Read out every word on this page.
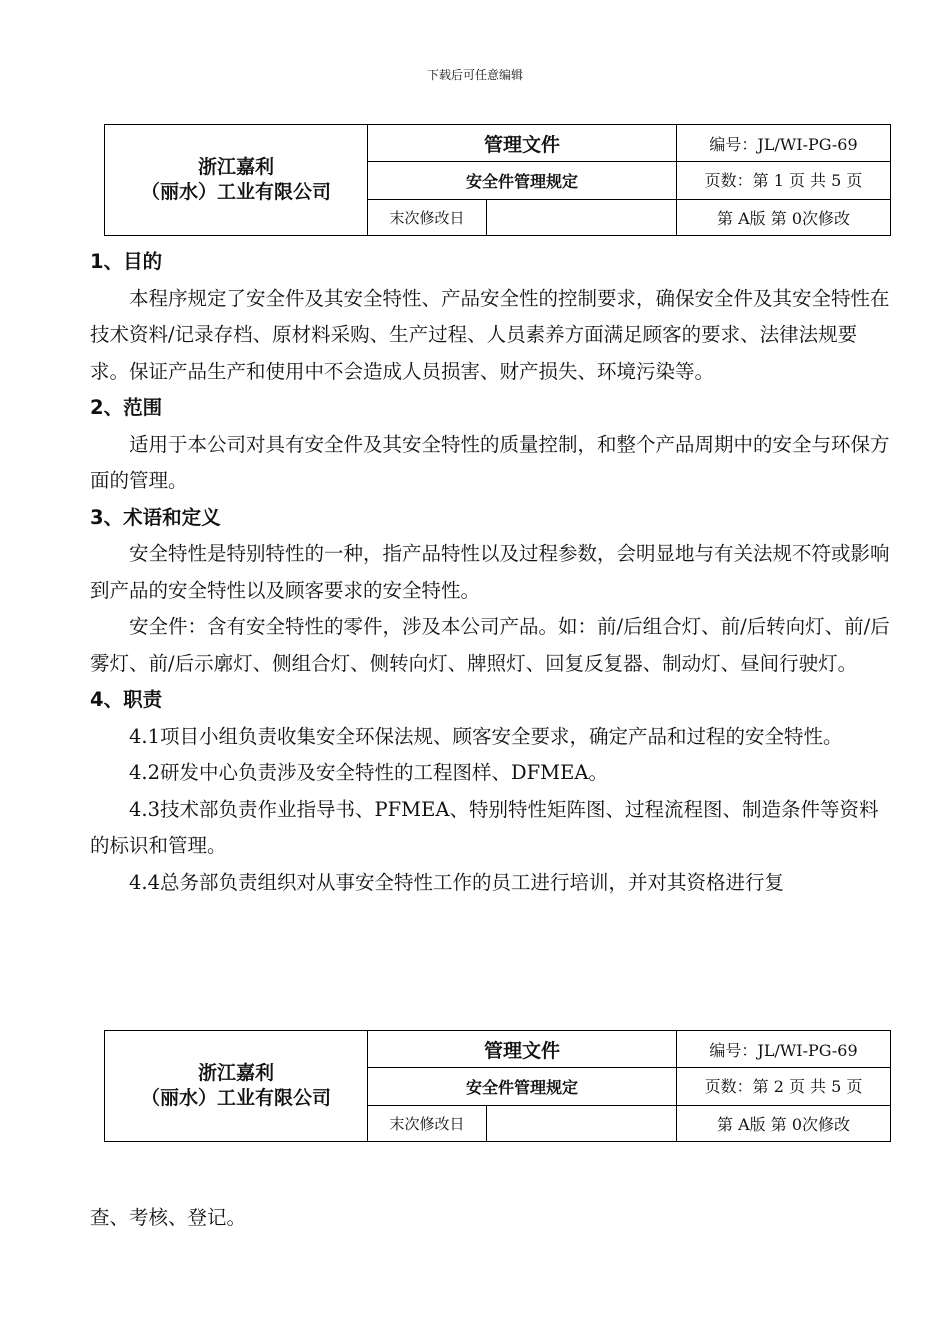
下载后可任意编辑
浙江嘉利
（丽水）工业有限公司	管理文件		编号：JL/WI-PG-69
	安全件管理规定		页数：第 1 页 共 5 页
	末次修改日		第 A版 第 0次修改
1、目的

本程序规定了安全件及其安全特性、产品安全性的控制要求，确保安全件及其安全特性在技术资料/记录存档、原材料采购、生产过程、人员素养方面满足顾客的要求、法律法规要求。保证产品生产和使用中不会造成人员损害、财产损失、环境污染等。

2、范围

适用于本公司对具有安全件及其安全特性的质量控制，和整个产品周期中的安全与环保方面的管理。

3、术语和定义

安全特性是特别特性的一种，指产品特性以及过程参数，会明显地与有关法规不符或影响到产品的安全特性以及顾客要求的安全特性。

安全件：含有安全特性的零件，涉及本公司产品。如：前/后组合灯、前/后转向灯、前/后雾灯、前/后示廓灯、侧组合灯、侧转向灯、牌照灯、回复反复器、制动灯、昼间行驶灯。

4、职责

4.1项目小组负责收集安全环保法规、顾客安全要求，确定产品和过程的安全特性。

4.2研发中心负责涉及安全特性的工程图样、DFMEA。

4.3技术部负责作业指导书、PFMEA、特别特性矩阵图、过程流程图、制造条件等资料的标识和管理。

4.4总务部负责组织对从事安全特性工作的员工进行培训，并对其资格进行复

浙江嘉利
（丽水）工业有限公司	管理文件		编号：JL/WI-PG-69
	安全件管理规定		页数：第 2 页 共 5 页
	末次修改日		第 A版 第 0次修改
查、考核、登记。
